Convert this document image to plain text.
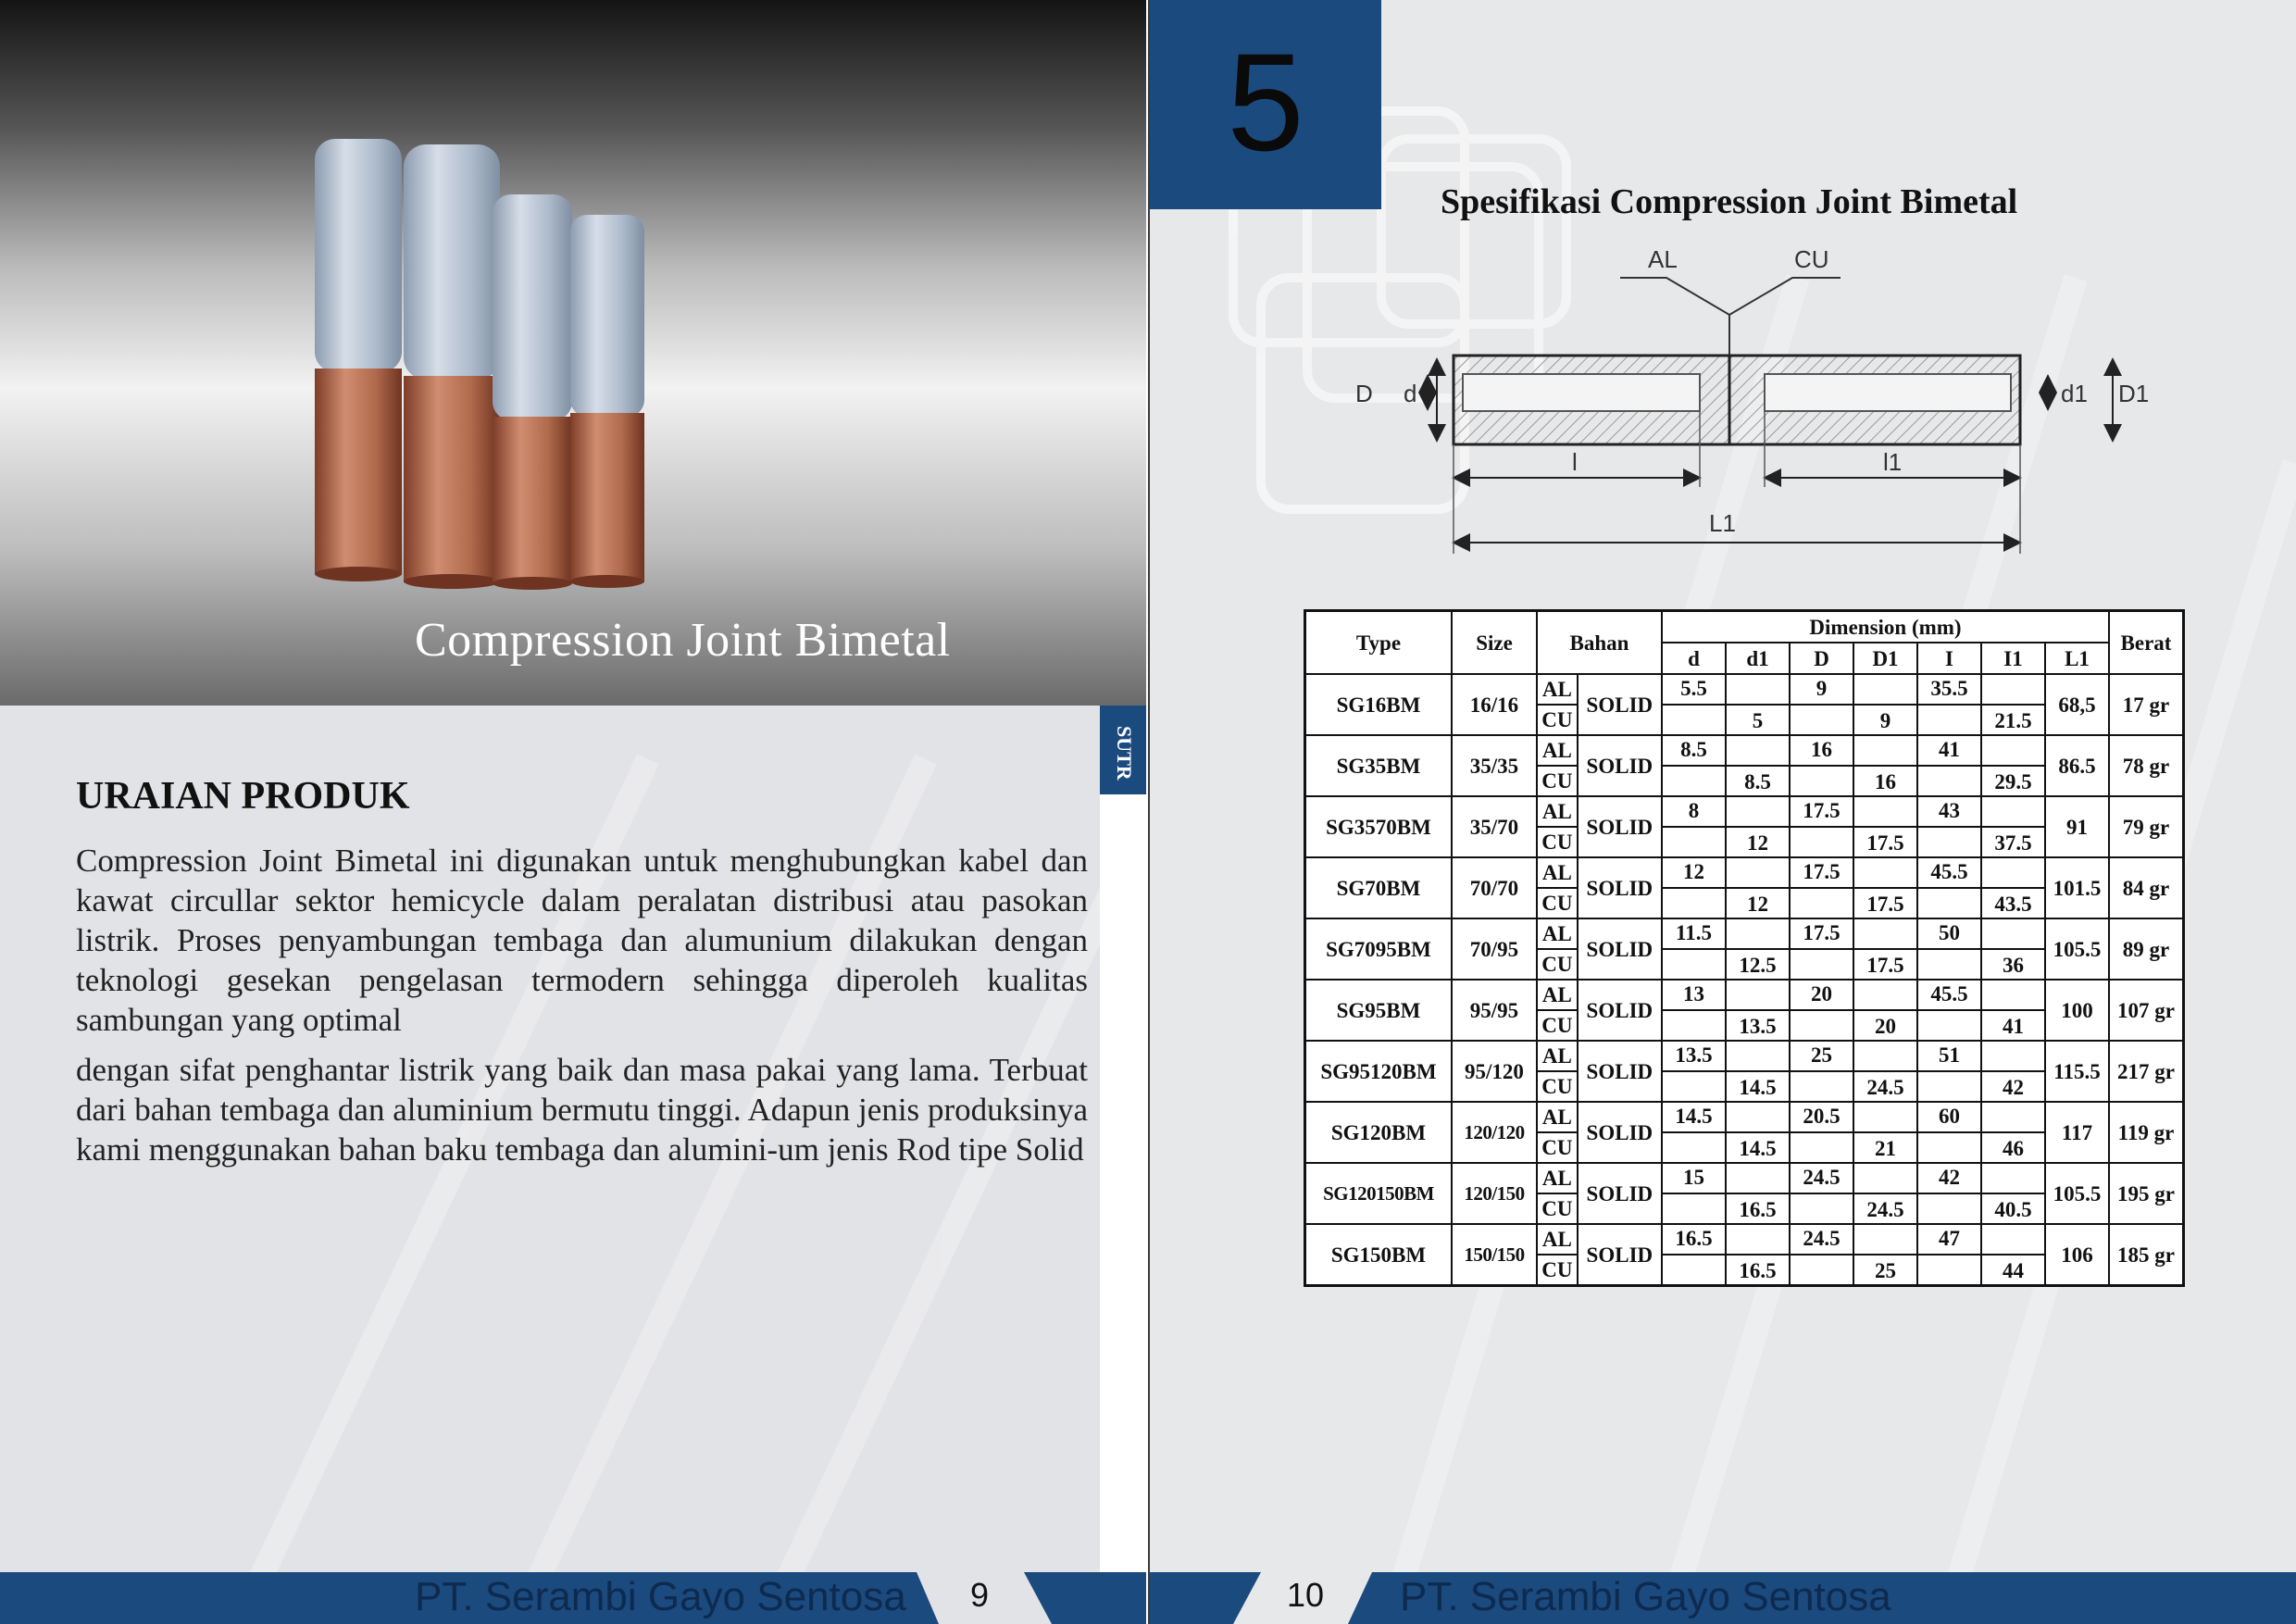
Compression Joint Bimetal
SUTR
URAIAN PRODUK

Compression Joint Bimetal ini digunakan untuk menghubungkan kabel dan kawat circullar sektor hemicycle dalam peralatan distribusi atau pasokan listrik. Proses penyambungan tembaga dan alumunium dilakukan dengan teknologi gesekan pengelasan termodern sehingga diperoleh kualitas sambungan yang optimal

dengan sifat penghantar listrik yang baik dan masa pakai yang lama. Terbuat dari bahan tembaga dan aluminium bermutu tinggi. Adapun jenis produksinya kami menggunakan bahan baku tembaga dan alumini-um jenis Rod tipe Solid

5
Spesifikasi Compression Joint Bimetal
AL	CU
D d	d1 D1
l	l1
L1
Type	Size	Bahan		Dimension (mm)							Berat
				d	d1	D	D1	I	I1	L1	
SG16BM	16/16	AL	SOLID	5.5		9		35.5		68,5	17 gr
		CU			5		9		21.5		
SG35BM	35/35	AL	SOLID	8.5		16		41		86.5	78 gr
		CU			8.5		16		29.5		
SG3570BM	35/70	AL	SOLID	8		17.5		43		91	79 gr
		CU			12		17.5		37.5		
SG70BM	70/70	AL	SOLID	12		17.5		45.5		101.5	84 gr
		CU			12		17.5		43.5		
SG7095BM	70/95	AL	SOLID	11.5		17.5		50		105.5	89 gr
		CU			12.5		17.5		36		
SG95BM	95/95	AL	SOLID	13		20		45.5		100	107 gr
		CU			13.5		20		41		
SG95120BM	95/120	AL	SOLID	13.5		25		51		115.5	217 gr
		CU			14.5		24.5		42		
SG120BM	120/120	AL	SOLID	14.5		20.5		60		117	119 gr
		CU			14.5		21		46		
SG120150BM	120/150	AL	SOLID	15		24.5		42		105.5	195 gr
		CU			16.5		24.5		40.5		
SG150BM	150/150	AL	SOLID	16.5		24.5		47		106	185 gr
		CU			16.5		25		44		
PT. Serambi Gayo Sentosa	9	10	PT. Serambi Gayo Sentosa
